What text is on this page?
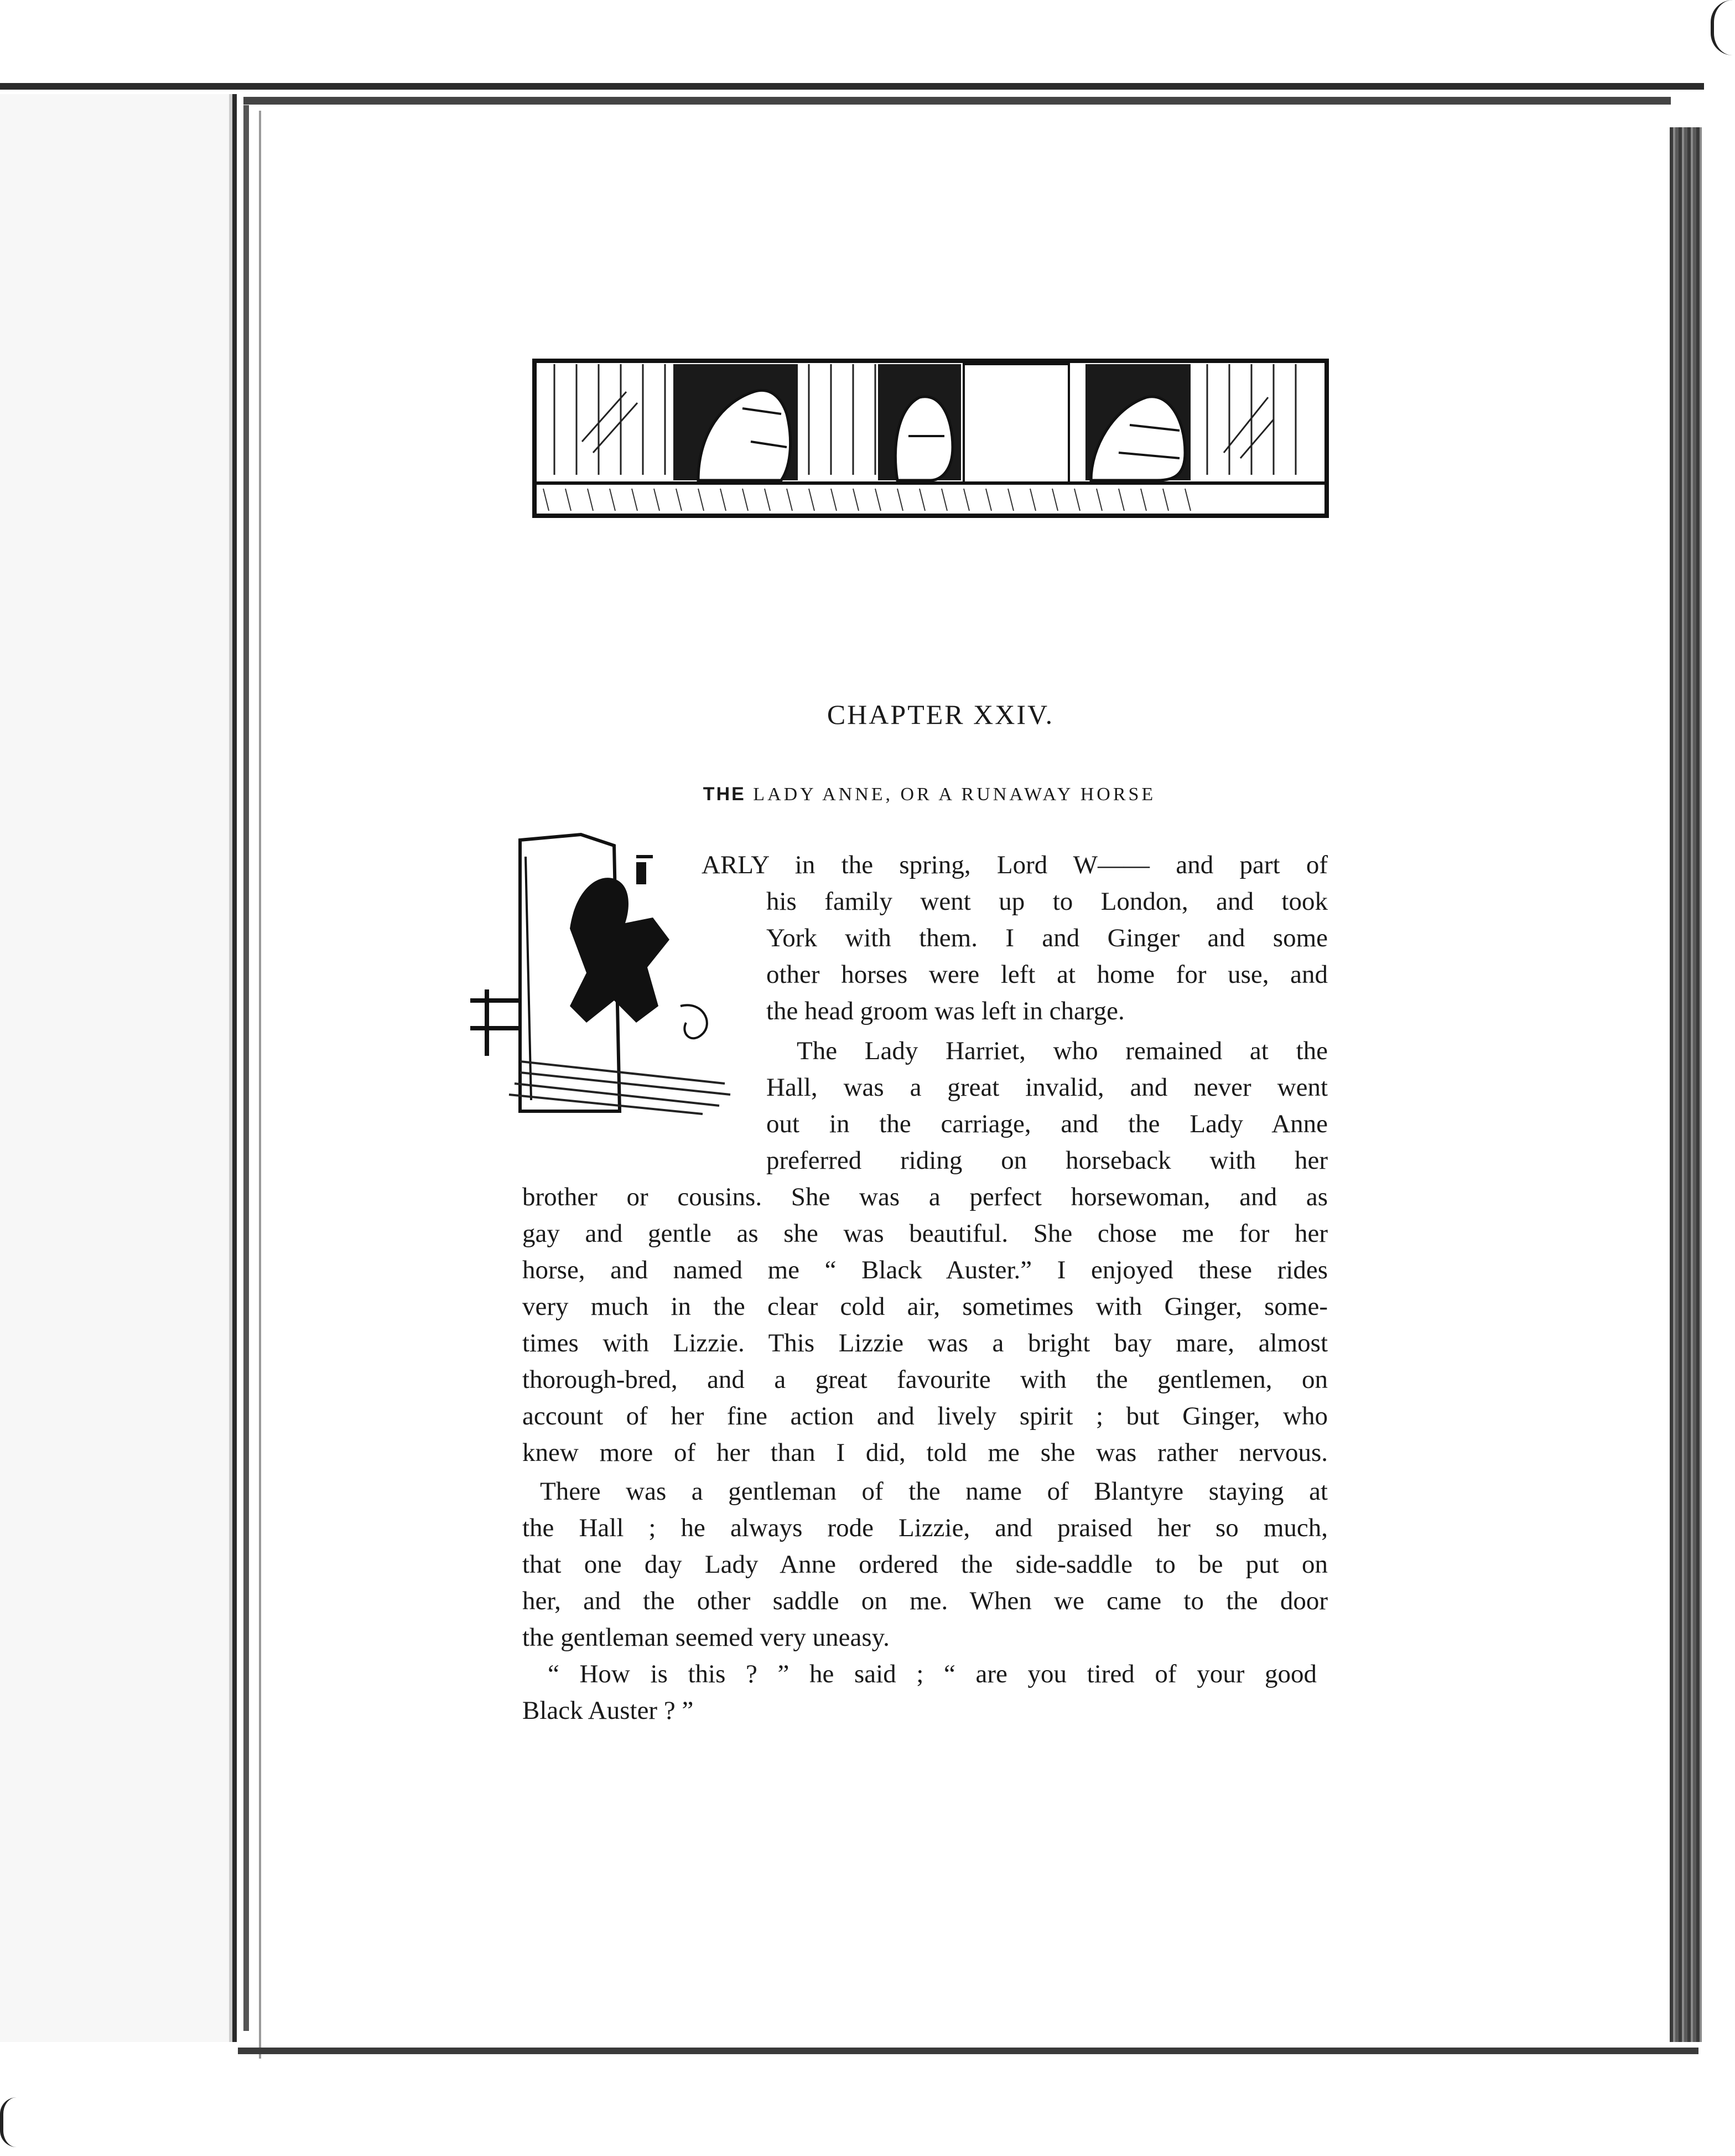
CHAPTER XXIV.
THE LADY ANNE, OR A RUNAWAY HORSE
ARLY in the spring, Lord W—— and part of
his family went up to London, and took
York with them. I and Ginger and some
other horses were left at home for use, and
the head groom was left in charge.
The Lady Harriet, who remained at the
Hall, was a great invalid, and never went
out in the carriage, and the Lady Anne
preferred riding on horseback with her
brother or cousins. She was a perfect horsewoman, and as
gay and gentle as she was beautiful. She chose me for her
horse, and named me “ Black Auster.” I enjoyed these rides
very much in the clear cold air, sometimes with Ginger, some-
times with Lizzie. This Lizzie was a bright bay mare, almost
thorough-bred, and a great favourite with the gentlemen, on
account of her fine action and lively spirit ; but Ginger, who
knew more of her than I did, told me she was rather nervous.
There was a gentleman of the name of Blantyre staying at
the Hall ; he always rode Lizzie, and praised her so much,
that one day Lady Anne ordered the side-saddle to be put on
her, and the other saddle on me. When we came to the door
the gentleman seemed very uneasy.
“ How is this ? ” he said ; “ are you tired of your good
Black Auster ? ”
